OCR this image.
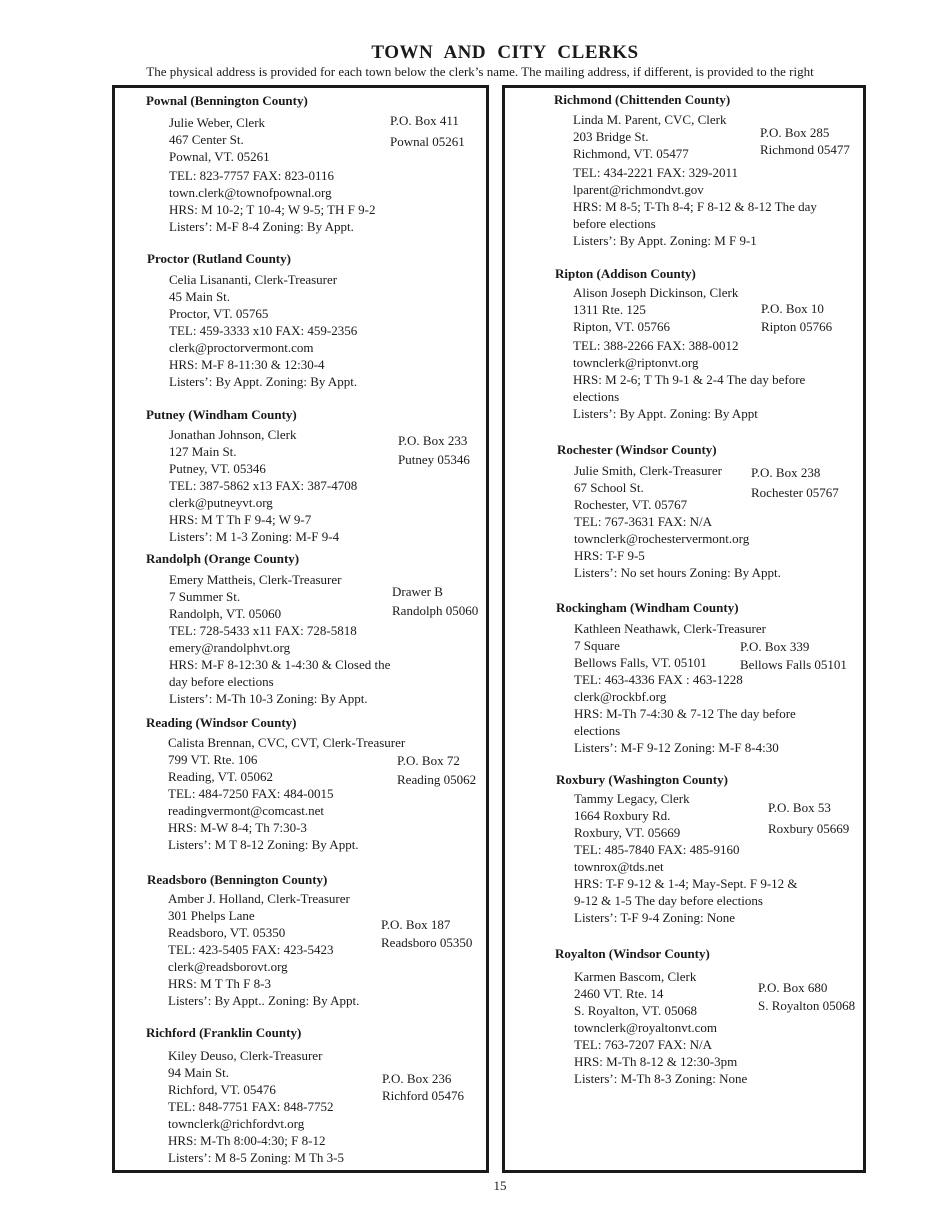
TOWN AND CITY CLERKS
The physical address is provided for each town below the clerk’s name. The mailing address, if different, is provided to the right
Pownal (Bennington County)
Julie Weber, Clerk
467 Center St.
Pownal, VT. 05261
TEL: 823-7757 FAX: 823-0116
town.clerk@townofpownal.org
HRS: M 10-2; T 10-4; W 9-5; TH F 9-2
Listers’: M-F 8-4 Zoning: By Appt.
P.O. Box 411
Pownal 05261
Proctor (Rutland County)
Celia Lisananti, Clerk-Treasurer
45 Main St.
Proctor, VT. 05765
TEL: 459-3333 x10 FAX: 459-2356
clerk@proctorvermont.com
HRS: M-F 8-11:30 & 12:30-4
Listers’: By Appt. Zoning: By Appt.
Putney (Windham County)
Jonathan Johnson, Clerk
127 Main St.
Putney, VT. 05346
TEL: 387-5862 x13 FAX: 387-4708
clerk@putneyvt.org
HRS: M T Th F 9-4; W 9-7
Listers’: M 1-3 Zoning: M-F 9-4
P.O. Box 233
Putney 05346
Randolph (Orange County)
Emery Mattheis, Clerk-Treasurer
7 Summer St.
Randolph, VT. 05060
TEL: 728-5433 x11 FAX: 728-5818
emery@randolphvt.org
HRS: M-F 8-12:30 & 1-4:30 & Closed the
day before elections
Listers’: M-Th 10-3 Zoning: By Appt.
Drawer B
Randolph 05060
Reading (Windsor County)
Calista Brennan, CVC, CVT, Clerk-Treasurer
799 VT. Rte. 106
Reading, VT. 05062
TEL: 484-7250 FAX: 484-0015
readingvermont@comcast.net
HRS: M-W 8-4; Th 7:30-3
Listers’: M T 8-12 Zoning: By Appt.
P.O. Box 72
Reading 05062
Readsboro (Bennington County)
Amber J. Holland, Clerk-Treasurer
301 Phelps Lane
Readsboro, VT. 05350
TEL: 423-5405 FAX: 423-5423
clerk@readsborovt.org
HRS: M T Th F 8-3
Listers’: By Appt.. Zoning: By Appt.
P.O. Box 187
Readsboro 05350
Richford (Franklin County)
Kiley Deuso, Clerk-Treasurer
94 Main St.
Richford, VT. 05476
TEL: 848-7751 FAX: 848-7752
townclerk@richfordvt.org
HRS: M-Th 8:00-4:30; F 8-12
Listers’: M 8-5 Zoning: M Th 3-5
P.O. Box 236
Richford 05476
Richmond (Chittenden County)
Linda M. Parent, CVC, Clerk
203 Bridge St.
Richmond, VT. 05477
TEL: 434-2221 FAX: 329-2011
lparent@richmondvt.gov
HRS: M 8-5; T-Th 8-4; F 8-12 & 8-12 The day
before elections
Listers’: By Appt. Zoning: M F 9-1
P.O. Box 285
Richmond 05477
Ripton (Addison County)
Alison Joseph Dickinson, Clerk
1311 Rte. 125
Ripton, VT. 05766
TEL: 388-2266 FAX: 388-0012
townclerk@riptonvt.org
HRS: M 2-6; T Th 9-1 & 2-4 The day before
elections
Listers’: By Appt. Zoning: By Appt
P.O. Box 10
Ripton 05766
Rochester (Windsor County)
Julie Smith, Clerk-Treasurer
67 School St.
Rochester, VT. 05767
TEL: 767-3631 FAX: N/A
townclerk@rochestervermont.org
HRS: T-F 9-5
Listers’: No set hours Zoning: By Appt.
P.O. Box 238
Rochester 05767
Rockingham (Windham County)
Kathleen Neathawk, Clerk-Treasurer
7 Square
Bellows Falls, VT. 05101
TEL: 463-4336 FAX : 463-1228
clerk@rockbf.org
HRS: M-Th 7-4:30 & 7-12 The day before
elections
Listers’: M-F 9-12 Zoning: M-F 8-4:30
P.O. Box 339
Bellows Falls 05101
Roxbury (Washington County)
Tammy Legacy, Clerk
1664 Roxbury Rd.
Roxbury, VT. 05669
TEL: 485-7840 FAX: 485-9160
townrox@tds.net
HRS: T-F 9-12 & 1-4; May-Sept. F 9-12 &
9-12 & 1-5 The day before elections
Listers’: T-F 9-4 Zoning: None
P.O. Box 53
Roxbury 05669
Royalton (Windsor County)
Karmen Bascom, Clerk
2460 VT. Rte. 14
S. Royalton, VT. 05068
townclerk@royaltonvt.com
TEL: 763-7207 FAX: N/A
HRS: M-Th 8-12 & 12:30-3pm
Listers’: M-Th 8-3 Zoning: None
P.O. Box 680
S. Royalton 05068
15
